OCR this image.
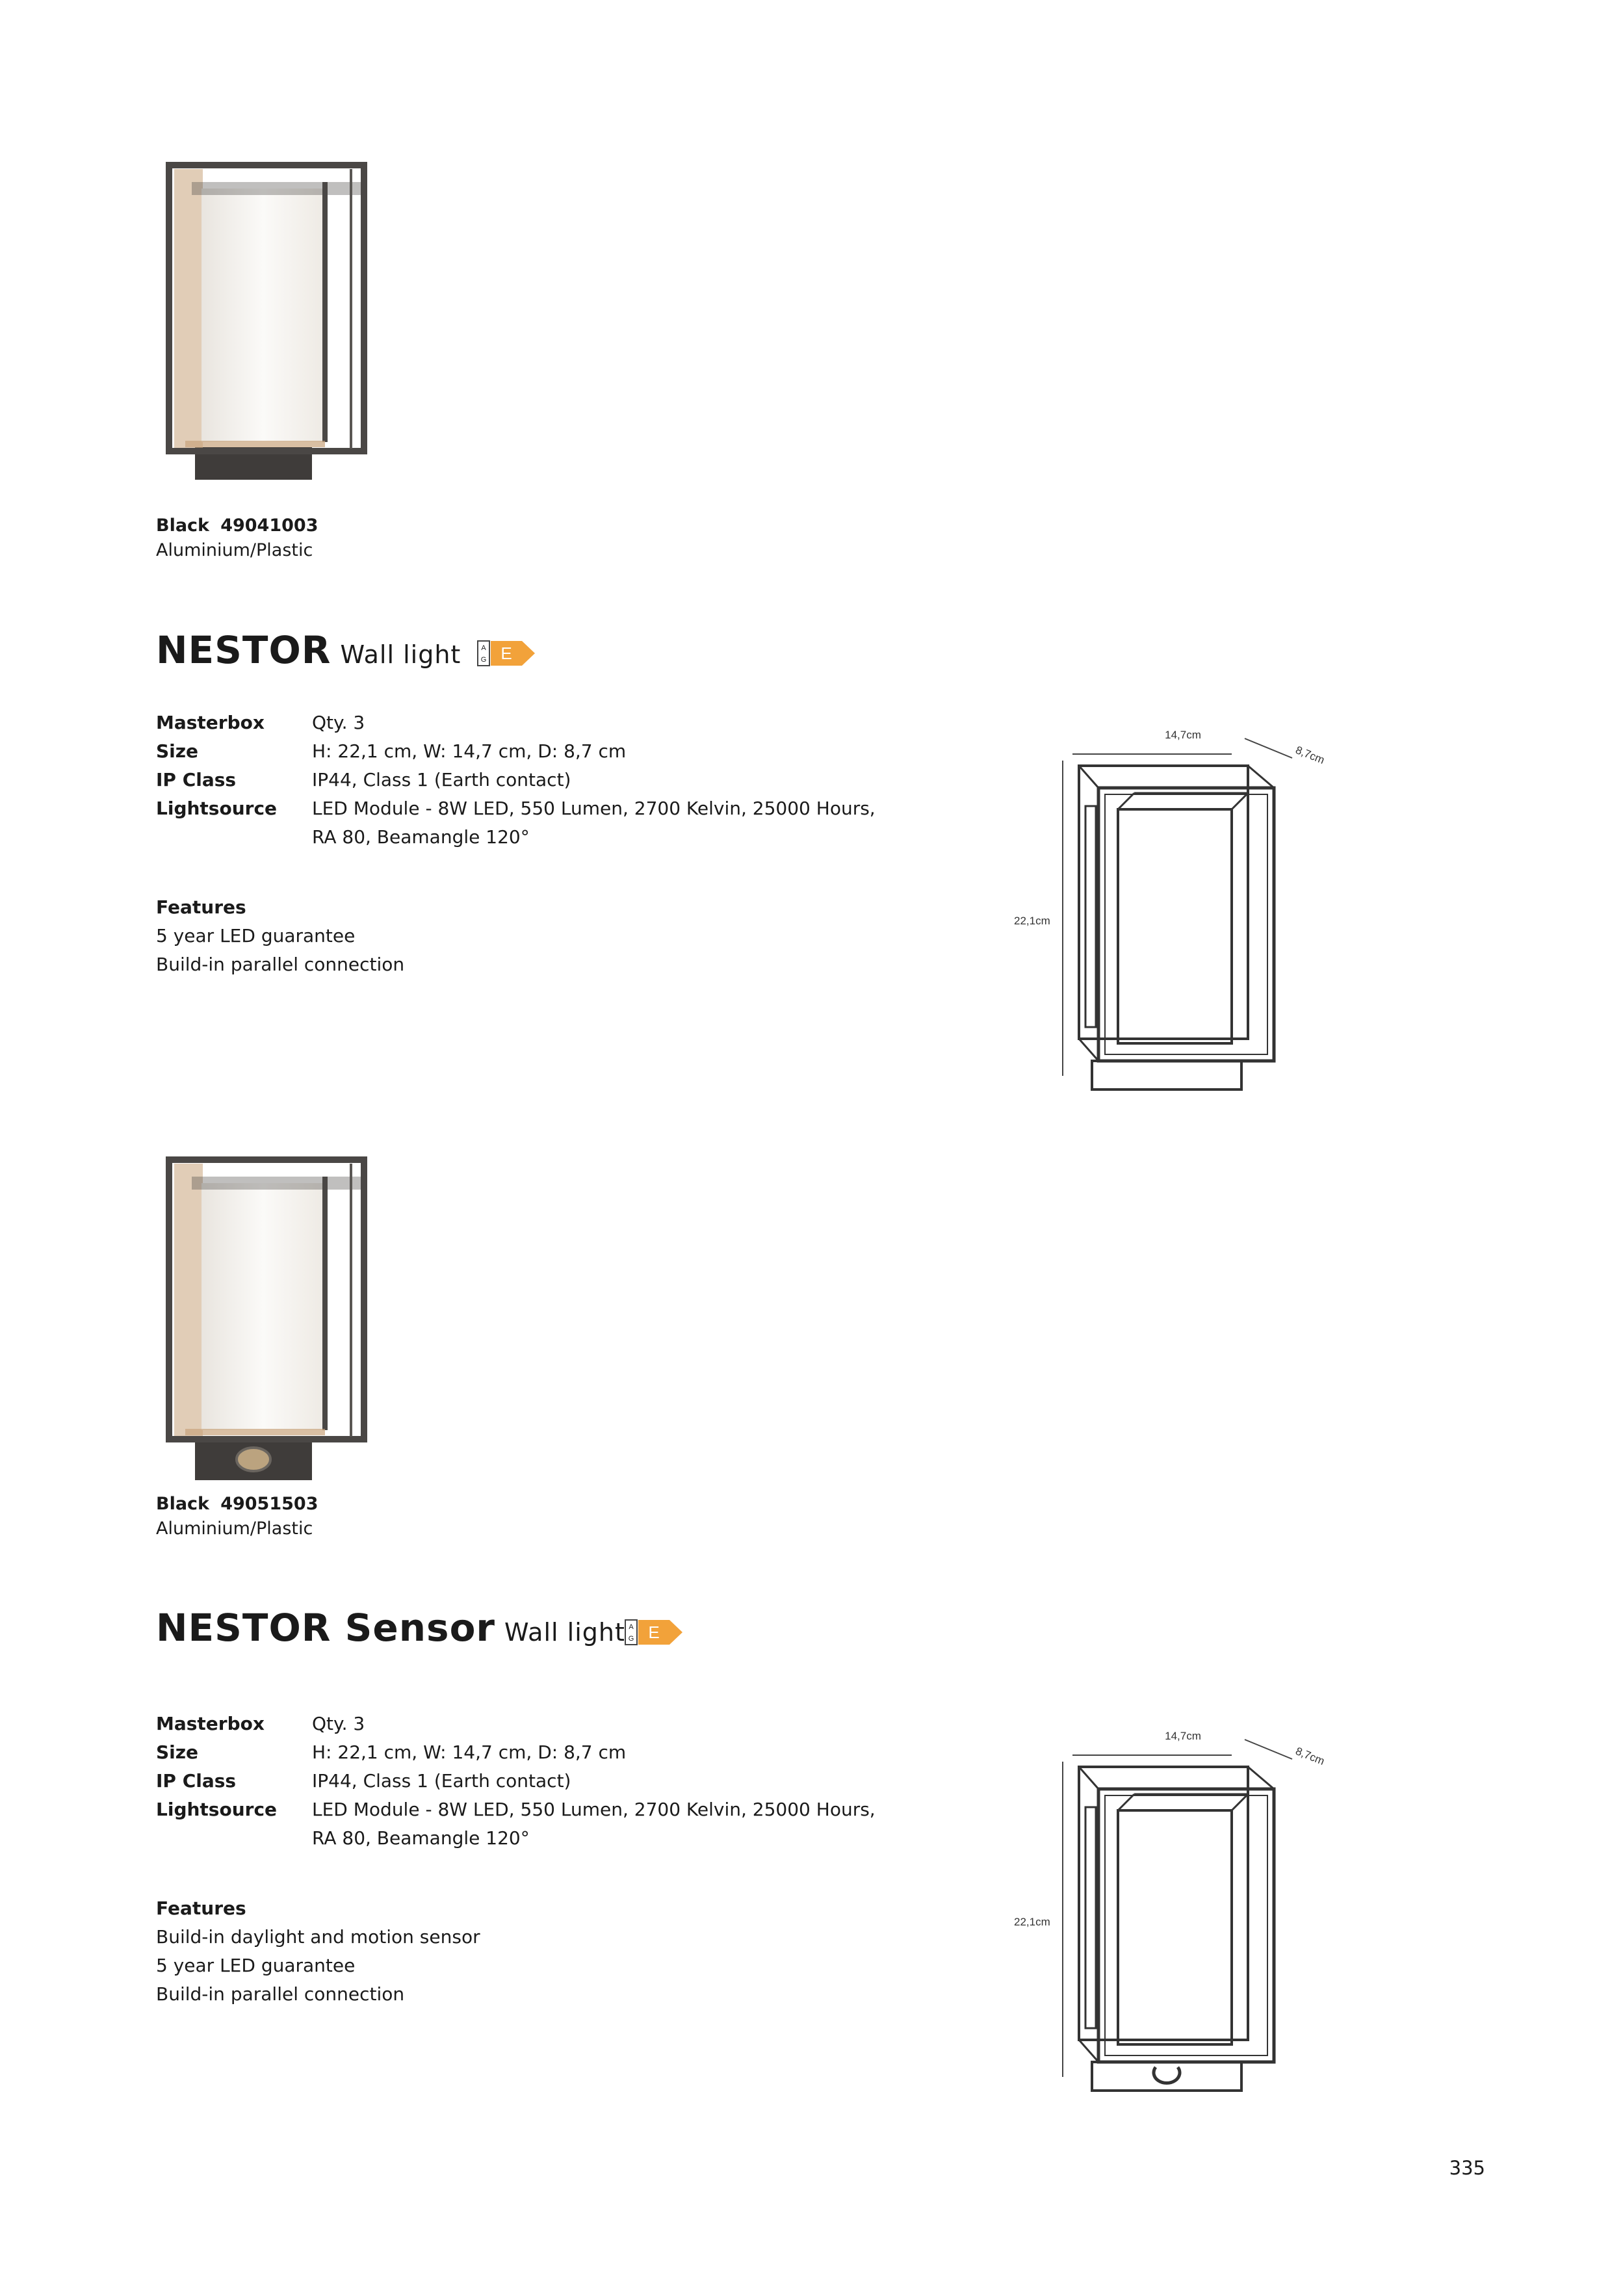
Black 49041003
Aluminium/Plastic
NESTOR Wall light	A
G E
Masterbox	Qty. 3
Size	H: 22,1 cm, W: 14,7 cm, D: 8,7 cm
IP Class	IP44, Class 1 (Earth contact)
Lightsource	LED Module - 8W LED, 550 Lumen, 2700 Kelvin, 25000 Hours, RA 80, Beamangle 120°
Features
5 year LED guarantee
Build-in parallel connection
14,7cm
8,7cm
22,1cm
Black 49051503
Aluminium/Plastic
NESTOR Sensor Wall light A
G E
Masterbox	Qty. 3
Size	H: 22,1 cm, W: 14,7 cm, D: 8,7 cm
IP Class	IP44, Class 1 (Earth contact)
Lightsource	LED Module - 8W LED, 550 Lumen, 2700 Kelvin, 25000 Hours, RA 80, Beamangle 120°
Features
Build-in daylight and motion sensor
5 year LED guarantee
Build-in parallel connection
14,7cm
8,7cm
22,1cm
335
